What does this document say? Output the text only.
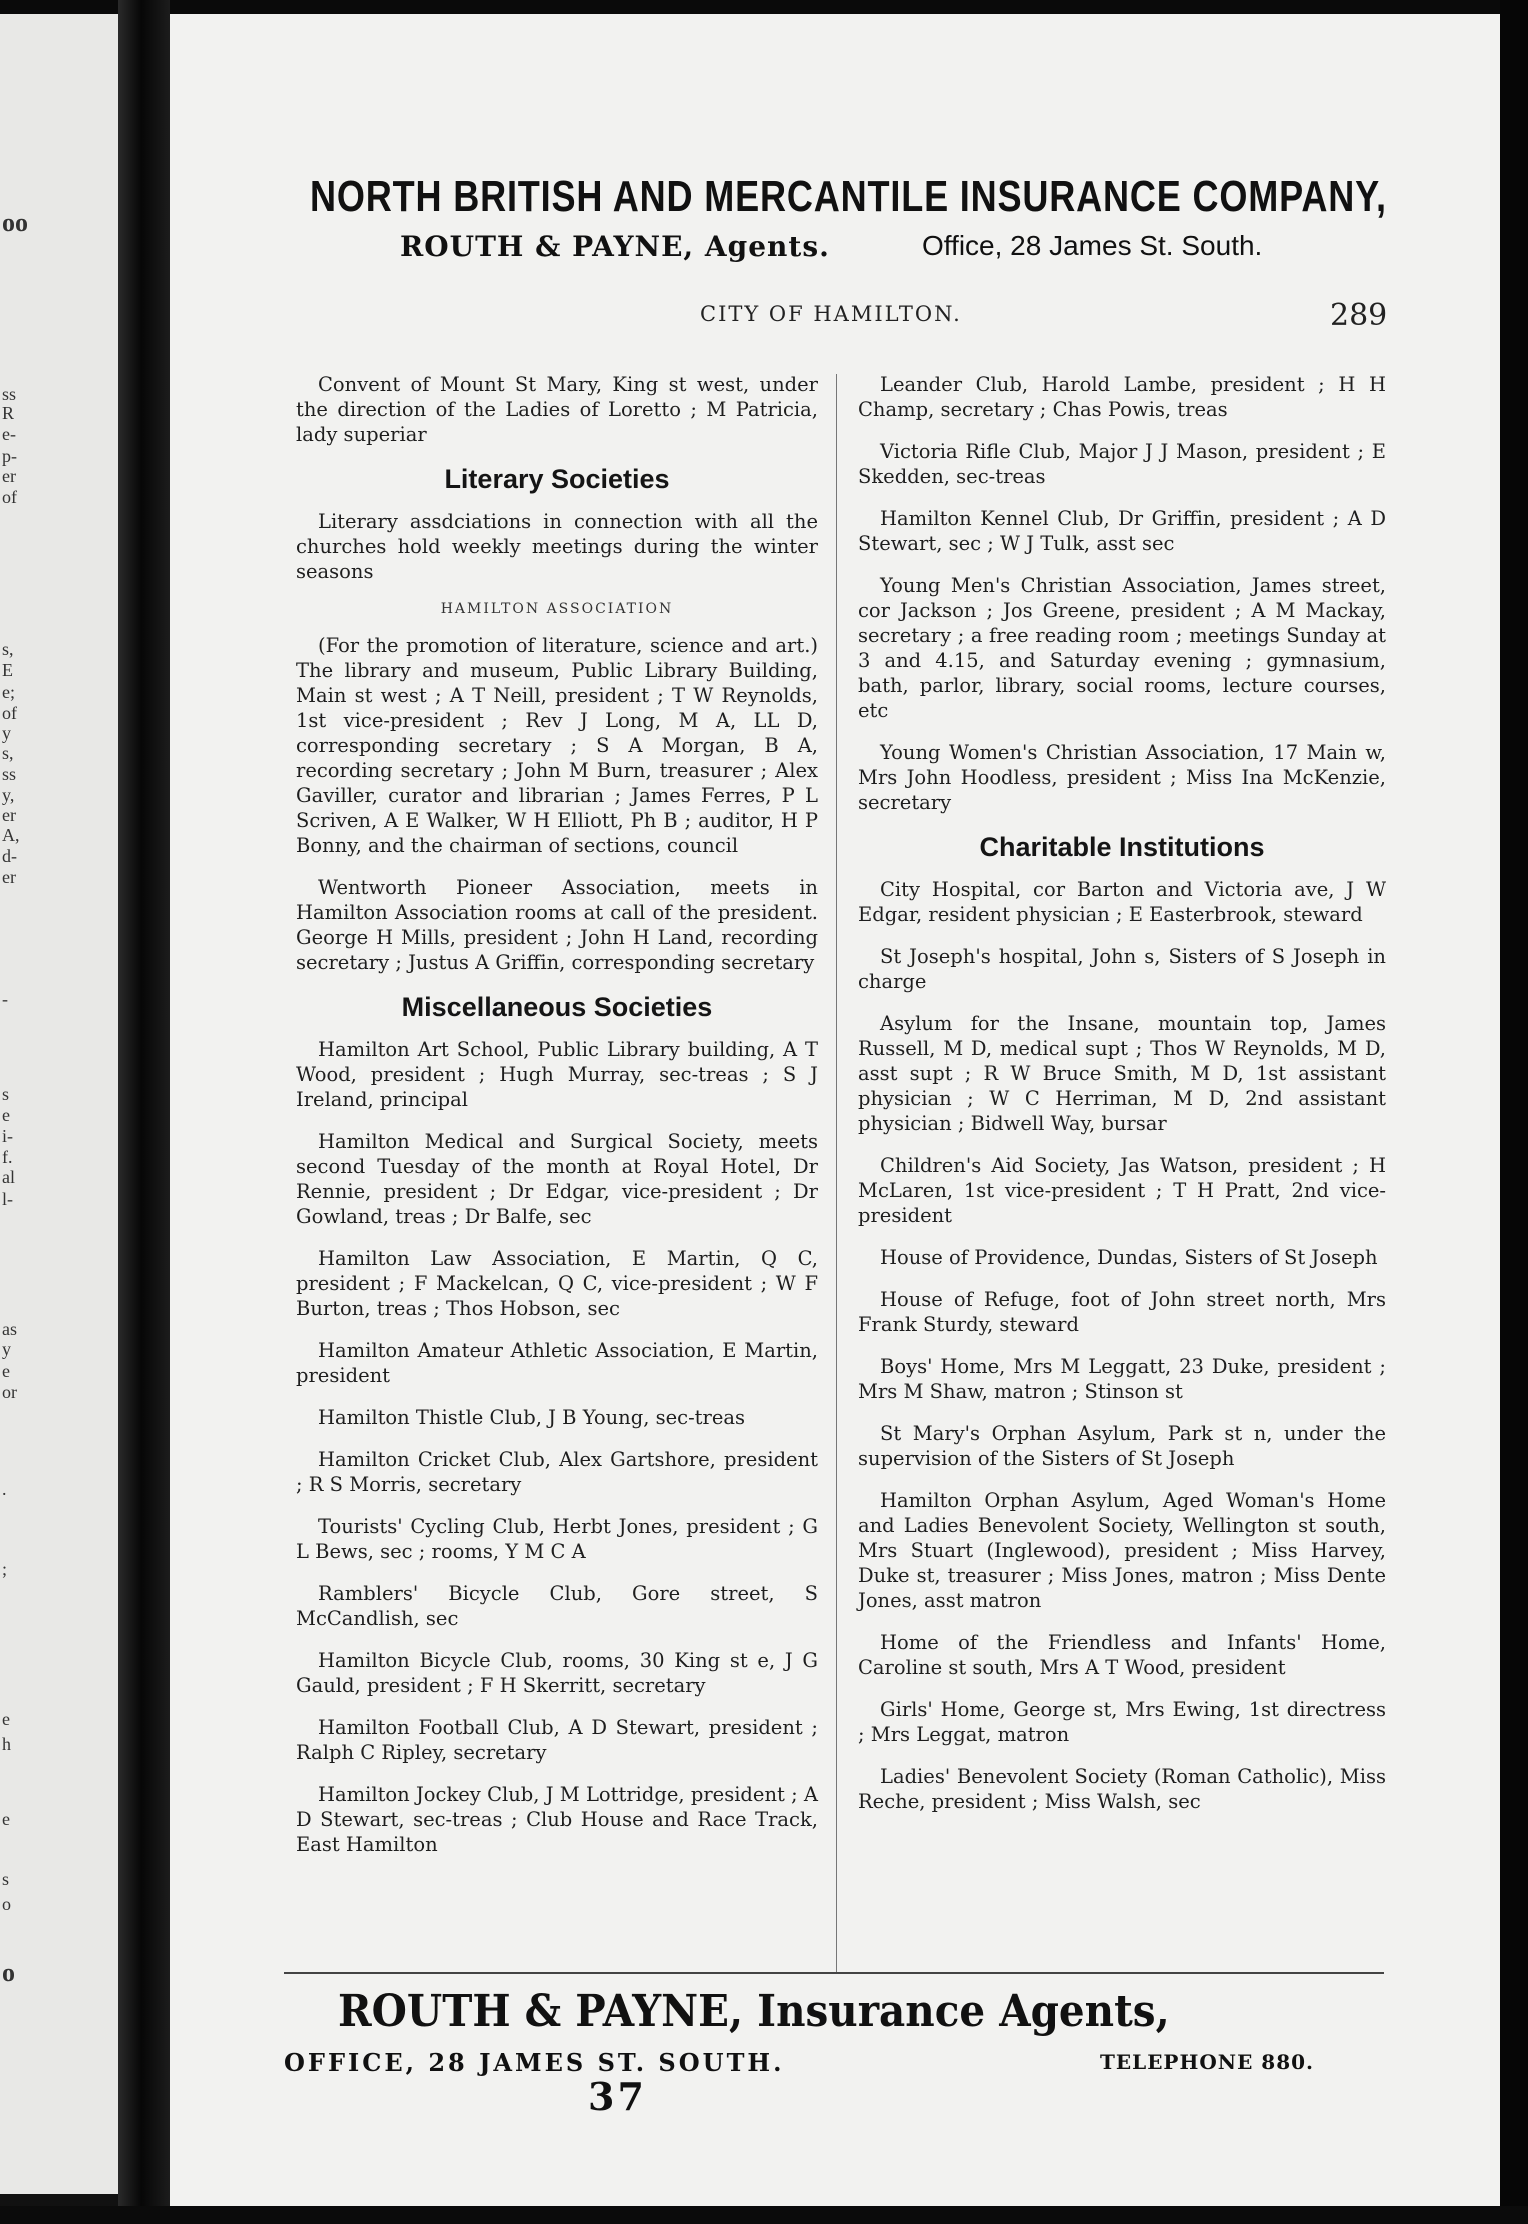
oo
ss
R
e-
p-
er
of
s,
E
e;
of
y
s,
ss
y,
er
A,
d-
er
-
s
e
i-
f.
al
l-
as
y
e
or
.
;
e
h
e
s
o
o
NORTH BRITISH AND MERCANTILE INSURANCE COMPANY,
ROUTH & PAYNE, Agents.	Office, 28 James St. South.
CITY OF HAMILTON.	289
Convent of Mount St Mary, King st west, under the direction of the Ladies of Loretto ; M Patricia, lady superiar
Literary Societies
Literary assdciations in connection with all the churches hold weekly meetings during the winter seasons
HAMILTON ASSOCIATION
(For the promotion of literature, science and art.) The library and museum, Public Library Building, Main st west ; A T Neill, president ; T W Reynolds, 1st vice-president ; Rev J Long, M A, LL D, corresponding secretary ; S A Morgan, B A, recording secretary ; John M Burn, treasurer ; Alex Gaviller, curator and librarian ; James Ferres, P L Scriven, A E Walker, W H Elliott, Ph B ; auditor, H P Bonny, and the chairman of sections, council
Wentworth Pioneer Association, meets in Hamilton Association rooms at call of the president. George H Mills, president ; John H Land, recording secretary ; Justus A Griffin, corresponding secretary
Miscellaneous Societies
Hamilton Art School, Public Library building, A T Wood, president ; Hugh Murray, sec-treas ; S J Ireland, principal
Hamilton Medical and Surgical Society, meets second Tuesday of the month at Royal Hotel, Dr Rennie, president ; Dr Edgar, vice-president ; Dr Gowland, treas ; Dr Balfe, sec
Hamilton Law Association, E Martin, Q C, president ; F Mackelcan, Q C, vice-president ; W F Burton, treas ; Thos Hobson, sec
Hamilton Amateur Athletic Association, E Martin, president
Hamilton Thistle Club, J B Young, sec-treas
Hamilton Cricket Club, Alex Gartshore, president ; R S Morris, secretary
Tourists' Cycling Club, Herbt Jones, president ; G L Bews, sec ; rooms, Y M C A
Ramblers' Bicycle Club, Gore street, S McCandlish, sec
Hamilton Bicycle Club, rooms, 30 King st e, J G Gauld, president ; F H Skerritt, secretary
Hamilton Football Club, A D Stewart, president ; Ralph C Ripley, secretary
Hamilton Jockey Club, J M Lottridge, president ; A D Stewart, sec-treas ; Club House and Race Track, East Hamilton
Leander Club, Harold Lambe, president ; H H Champ, secretary ; Chas Powis, treas
Victoria Rifle Club, Major J J Mason, president ; E Skedden, sec-treas
Hamilton Kennel Club, Dr Griffin, president ; A D Stewart, sec ; W J Tulk, asst sec
Young Men's Christian Association, James street, cor Jackson ; Jos Greene, president ; A M Mackay, secretary ; a free reading room ; meetings Sunday at 3 and 4.15, and Saturday evening ; gymnasium, bath, parlor, library, social rooms, lecture courses, etc
Young Women's Christian Association, 17 Main w, Mrs John Hoodless, president ; Miss Ina McKenzie, secretary
Charitable Institutions
City Hospital, cor Barton and Victoria ave, J W Edgar, resident physician ; E Easterbrook, steward
St Joseph's hospital, John s, Sisters of S Joseph in charge
Asylum for the Insane, mountain top, James Russell, M D, medical supt ; Thos W Reynolds, M D, asst supt ; R W Bruce Smith, M D, 1st assistant physician ; W C Herriman, M D, 2nd assistant physician ; Bidwell Way, bursar
Children's Aid Society, Jas Watson, president ; H McLaren, 1st vice-president ; T H Pratt, 2nd vice-president
House of Providence, Dundas, Sisters of St Joseph
House of Refuge, foot of John street north, Mrs Frank Sturdy, steward
Boys' Home, Mrs M Leggatt, 23 Duke, president ; Mrs M Shaw, matron ; Stinson st
St Mary's Orphan Asylum, Park st n, under the supervision of the Sisters of St Joseph
Hamilton Orphan Asylum, Aged Woman's Home and Ladies Benevolent Society, Wellington st south, Mrs Stuart (Inglewood), president ; Miss Harvey, Duke st, treasurer ; Miss Jones, matron ; Miss Dente Jones, asst matron
Home of the Friendless and Infants' Home, Caroline st south, Mrs A T Wood, president
Girls' Home, George st, Mrs Ewing, 1st directress ; Mrs Leggat, matron
Ladies' Benevolent Society (Roman Catholic), Miss Reche, president ; Miss Walsh, sec
ROUTH & PAYNE, Insurance Agents,
OFFICE, 28 JAMES ST. SOUTH.	TELEPHONE 880.
37
